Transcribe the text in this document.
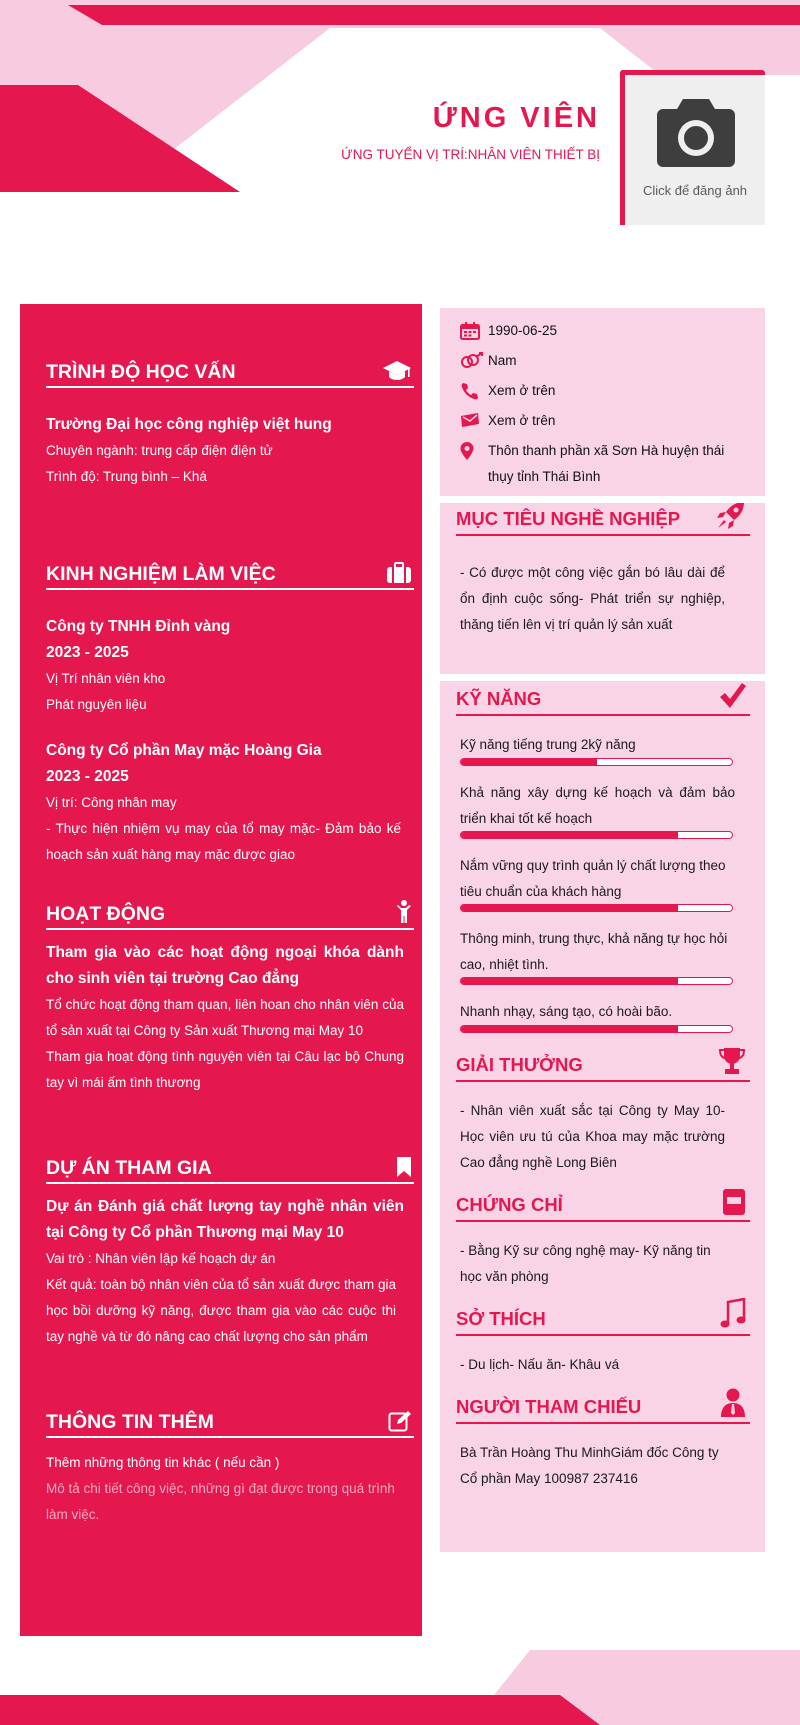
ỨNG VIÊN
ỨNG TUYỂN VỊ TRÍ:NHÂN VIÊN THIẾT BỊ
Click để đăng ảnh
TRÌNH ĐỘ HỌC VẤN
Trường Đại học công nghiệp việt hung
Chuyên ngành: trung cấp điện điện tử
Trình độ: Trung bình – Khá
KINH NGHIỆM LÀM VIỆC
Công ty TNHH Đỉnh vàng
2023 - 2025
Vị Trí nhân viên kho
Phát nguyên liệu
Công ty Cổ phần May mặc Hoàng Gia
2023 - 2025
Vị trí: Công nhân may

- Thực hiện nhiệm vụ may của tổ may mặc- Đảm bảo kế hoạch sản xuất hàng may mặc được giao
HOẠT ĐỘNG
Tham gia vào các hoạt động ngoại khóa dành cho sinh viên tại trường Cao đẳng
Tổ chức hoạt động tham quan, liên hoan cho nhân viên của tổ sản xuất tại Công ty Sản xuất Thương mại May 10
Tham gia hoạt động tình nguyện viên tại Câu lạc bộ Chung tay vì mái ấm tình thương
DỰ ÁN THAM GIA
Dự án Đánh giá chất lượng tay nghề nhân viên tại Công ty Cổ phần Thương mại May 10
Vai trò : Nhân viên lập kế hoạch dự án
Kết quả: toàn bộ nhân viên của tổ sản xuất được tham gia học bồi dưỡng kỹ năng, được tham gia vào các cuộc thi tay nghề và từ đó nâng cao chất lượng cho sản phẩm
THÔNG TIN THÊM
Thêm những thông tin khác ( nếu cần )
Mô tả chi tiết công việc, những gì đạt được trong quá trình làm việc.
1990-06-25
Nam
Xem ở trên
Xem ở trên
Thôn thanh phần xã Sơn Hà huyện thái thụy tỉnh Thái Bình
MỤC TIÊU NGHỀ NGHIỆP
- Có được một công việc gắn bó lâu dài để ổn định cuộc sống- Phát triển sự nghiệp, thăng tiến lên vị trí quản lý sản xuất
KỸ NĂNG
Kỹ năng tiếng trung 2kỹ năng
Khả năng xây dựng kế hoạch và đảm bảo triển khai tốt kế hoạch
Nắm vững quy trình quản lý chất lượng theo tiêu chuẩn của khách hàng
Thông minh, trung thực, khả năng tự học hỏi cao, nhiệt tình.
Nhanh nhạy, sáng tạo, có hoài bão.
GIẢI THƯỞNG
- Nhân viên xuất sắc tại Công ty May 10- Học viên ưu tú của Khoa may mặc trường Cao đẳng nghề Long Biên
CHỨNG CHỈ
- Bằng Kỹ sư công nghệ may- Kỹ năng tin học văn phòng
SỞ THÍCH
- Du lịch- Nấu ăn- Khâu vá
NGƯỜI THAM CHIẾU
Bà Trần Hoàng Thu MinhGiám đốc Công ty Cổ phần May 100987 237416
